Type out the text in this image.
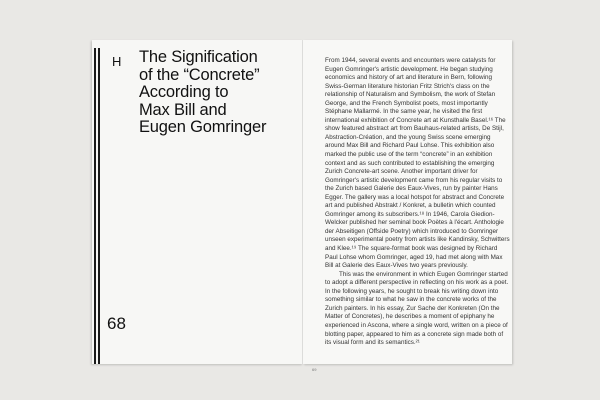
H The Signification
of the “Concrete”
According to
Max Bill and
Eugen Gomringer
68

From 1944, several events and encounters were catalysts for Eugen Gomringer's artistic development. He began studying economics and history of art and literature in Bern, following Swiss-German literature historian Fritz Strich's class on the relationship of Naturalism and Symbolism, the work of Stefan George, and the French Symbolist poets, most importantly Stéphane Mallarmé. In the same year, he visited the first international exhibition of Concrete art at Kunsthalle Basel.¹⁶ The show featured abstract art from Bauhaus-related artists, De Stijl, Abstraction-Création, and the young Swiss scene emerging around Max Bill and Richard Paul Lohse. This exhibition also marked the public use of the term “concrete” in an exhibition context and as such contributed to establishing the emerging Zurich Concrete-art scene. Another important driver for Gomringer's artistic development came from his regular visits to the Zurich based Galerie des Eaux-Vives, run by painter Hans Egger. The gallery was a local hotspot for abstract and Concrete art and published Abstrakt / Konkret, a bulletin which counted Gomringer among its subscribers.¹⁸ In 1946, Carola Giedion-Welcker published her seminal book Poètes à l'écart. Anthologie der Abseitigen (Offside Poetry) which introduced to Gomringer unseen experimental poetry from artists like Kandinsky, Schwitters and Klee.¹⁹ The square-format book was designed by Richard Paul Lohse whom Gomringer, aged 19, had met along with Max Bill at Galerie des Eaux-Vives two years previously.

This was the environment in which Eugen Gomringer started to adopt a different perspective in reflecting on his work as a poet. In the following years, he sought to break his writing down into something similar to what he saw in the concrete works of the Zurich painters. In his essay, Zur Sache der Konkreten (On the Matter of Concretes), he describes a moment of epiphany he experienced in Ascona, where a single word, written on a piece of blotting paper, appeared to him as a concrete sign made both of its visual form and its semantics.²¹

69
